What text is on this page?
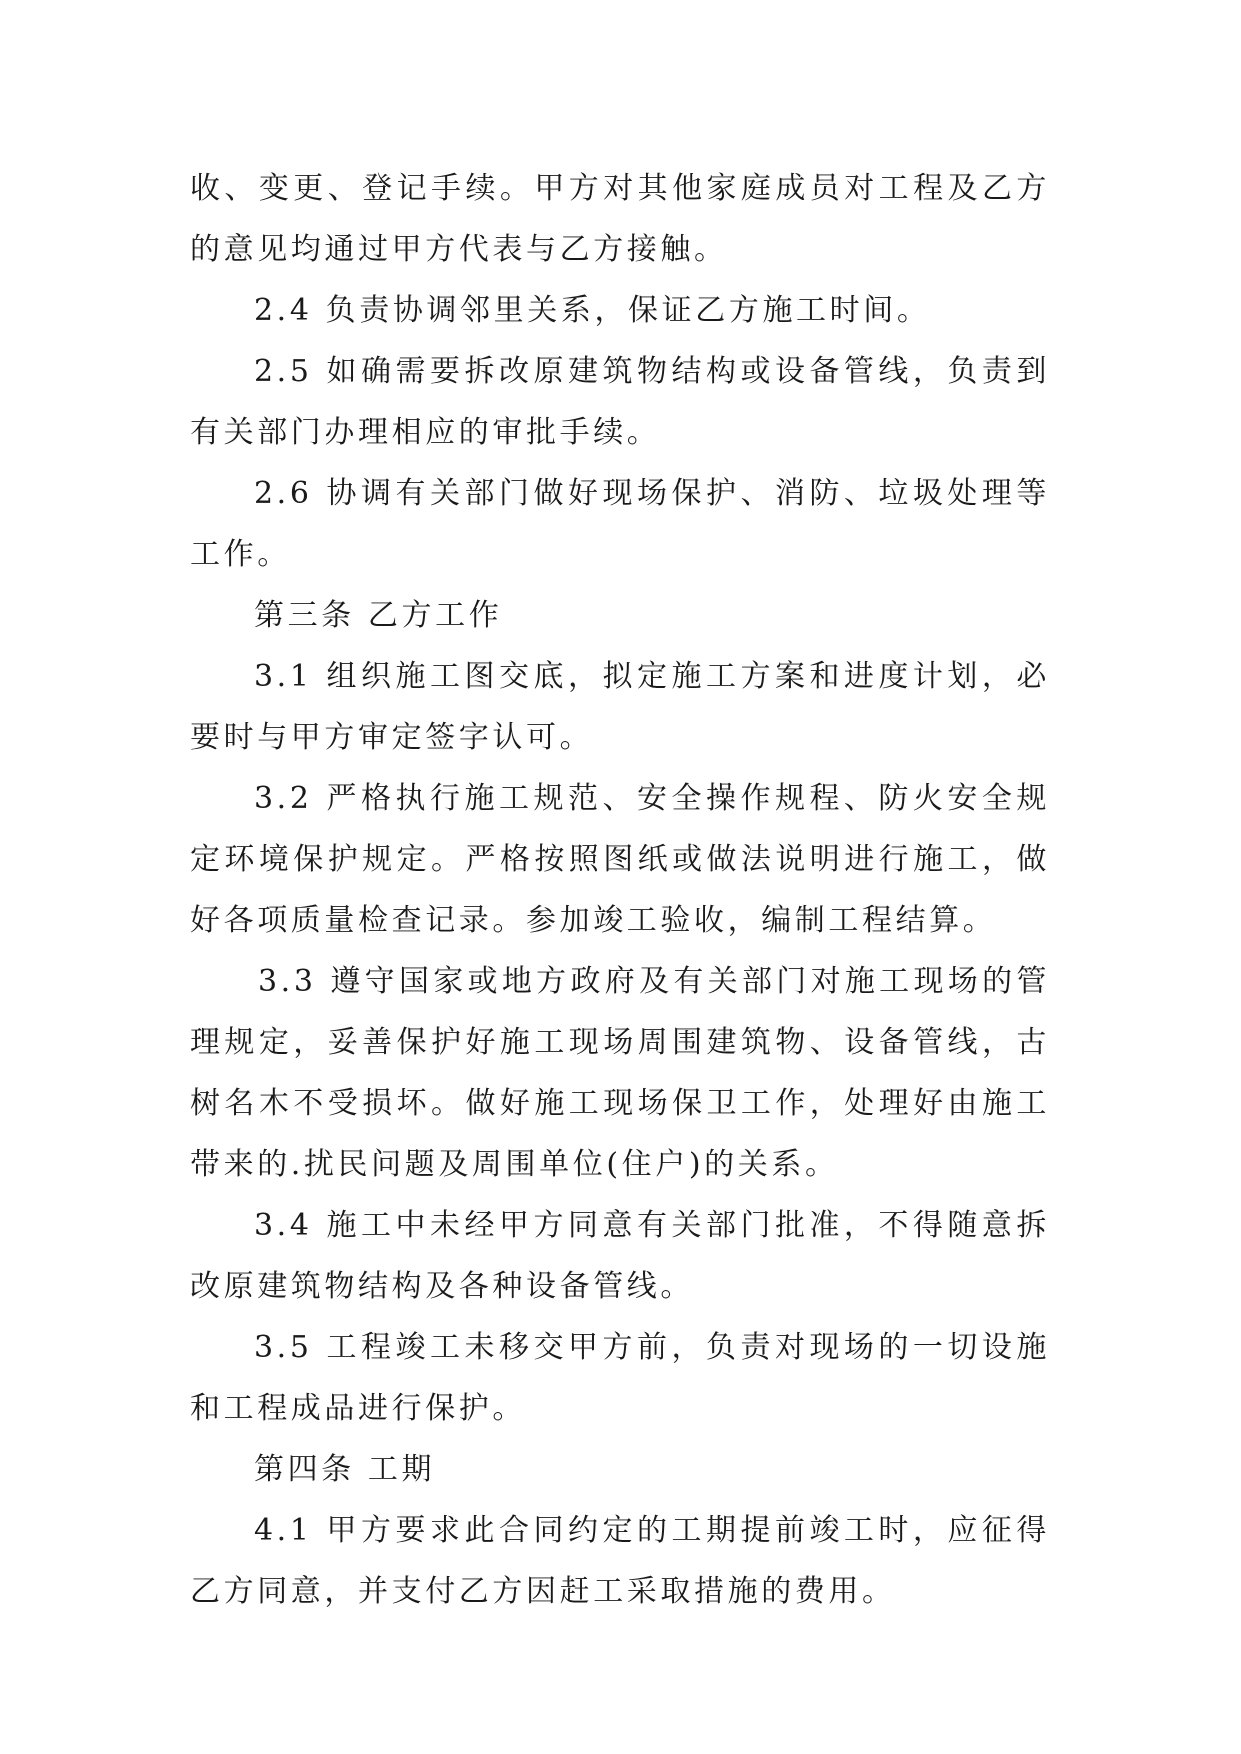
收、变更、登记手续。甲方对其他家庭成员对工程及乙方的意见均通过甲方代表与乙方接触。

2.4 负责协调邻里关系，保证乙方施工时间。

2.5 如确需要拆改原建筑物结构或设备管线，负责到有关部门办理相应的审批手续。

2.6 协调有关部门做好现场保护、消防、垃圾处理等工作。

第三条 乙方工作

3.1 组织施工图交底，拟定施工方案和进度计划，必要时与甲方审定签字认可。

3.2 严格执行施工规范、安全操作规程、防火安全规定环境保护规定。严格按照图纸或做法说明进行施工，做好各项质量检查记录。参加竣工验收，编制工程结算。

3.3 遵守国家或地方政府及有关部门对施工现场的管理规定，妥善保护好施工现场周围建筑物、设备管线，古树名木不受损坏。做好施工现场保卫工作，处理好由施工带来的.扰民问题及周围单位(住户)的关系。

3.4 施工中未经甲方同意有关部门批准，不得随意拆改原建筑物结构及各种设备管线。

3.5 工程竣工未移交甲方前，负责对现场的一切设施和工程成品进行保护。

第四条 工期

4.1 甲方要求此合同约定的工期提前竣工时，应征得乙方同意，并支付乙方因赶工采取措施的费用。
